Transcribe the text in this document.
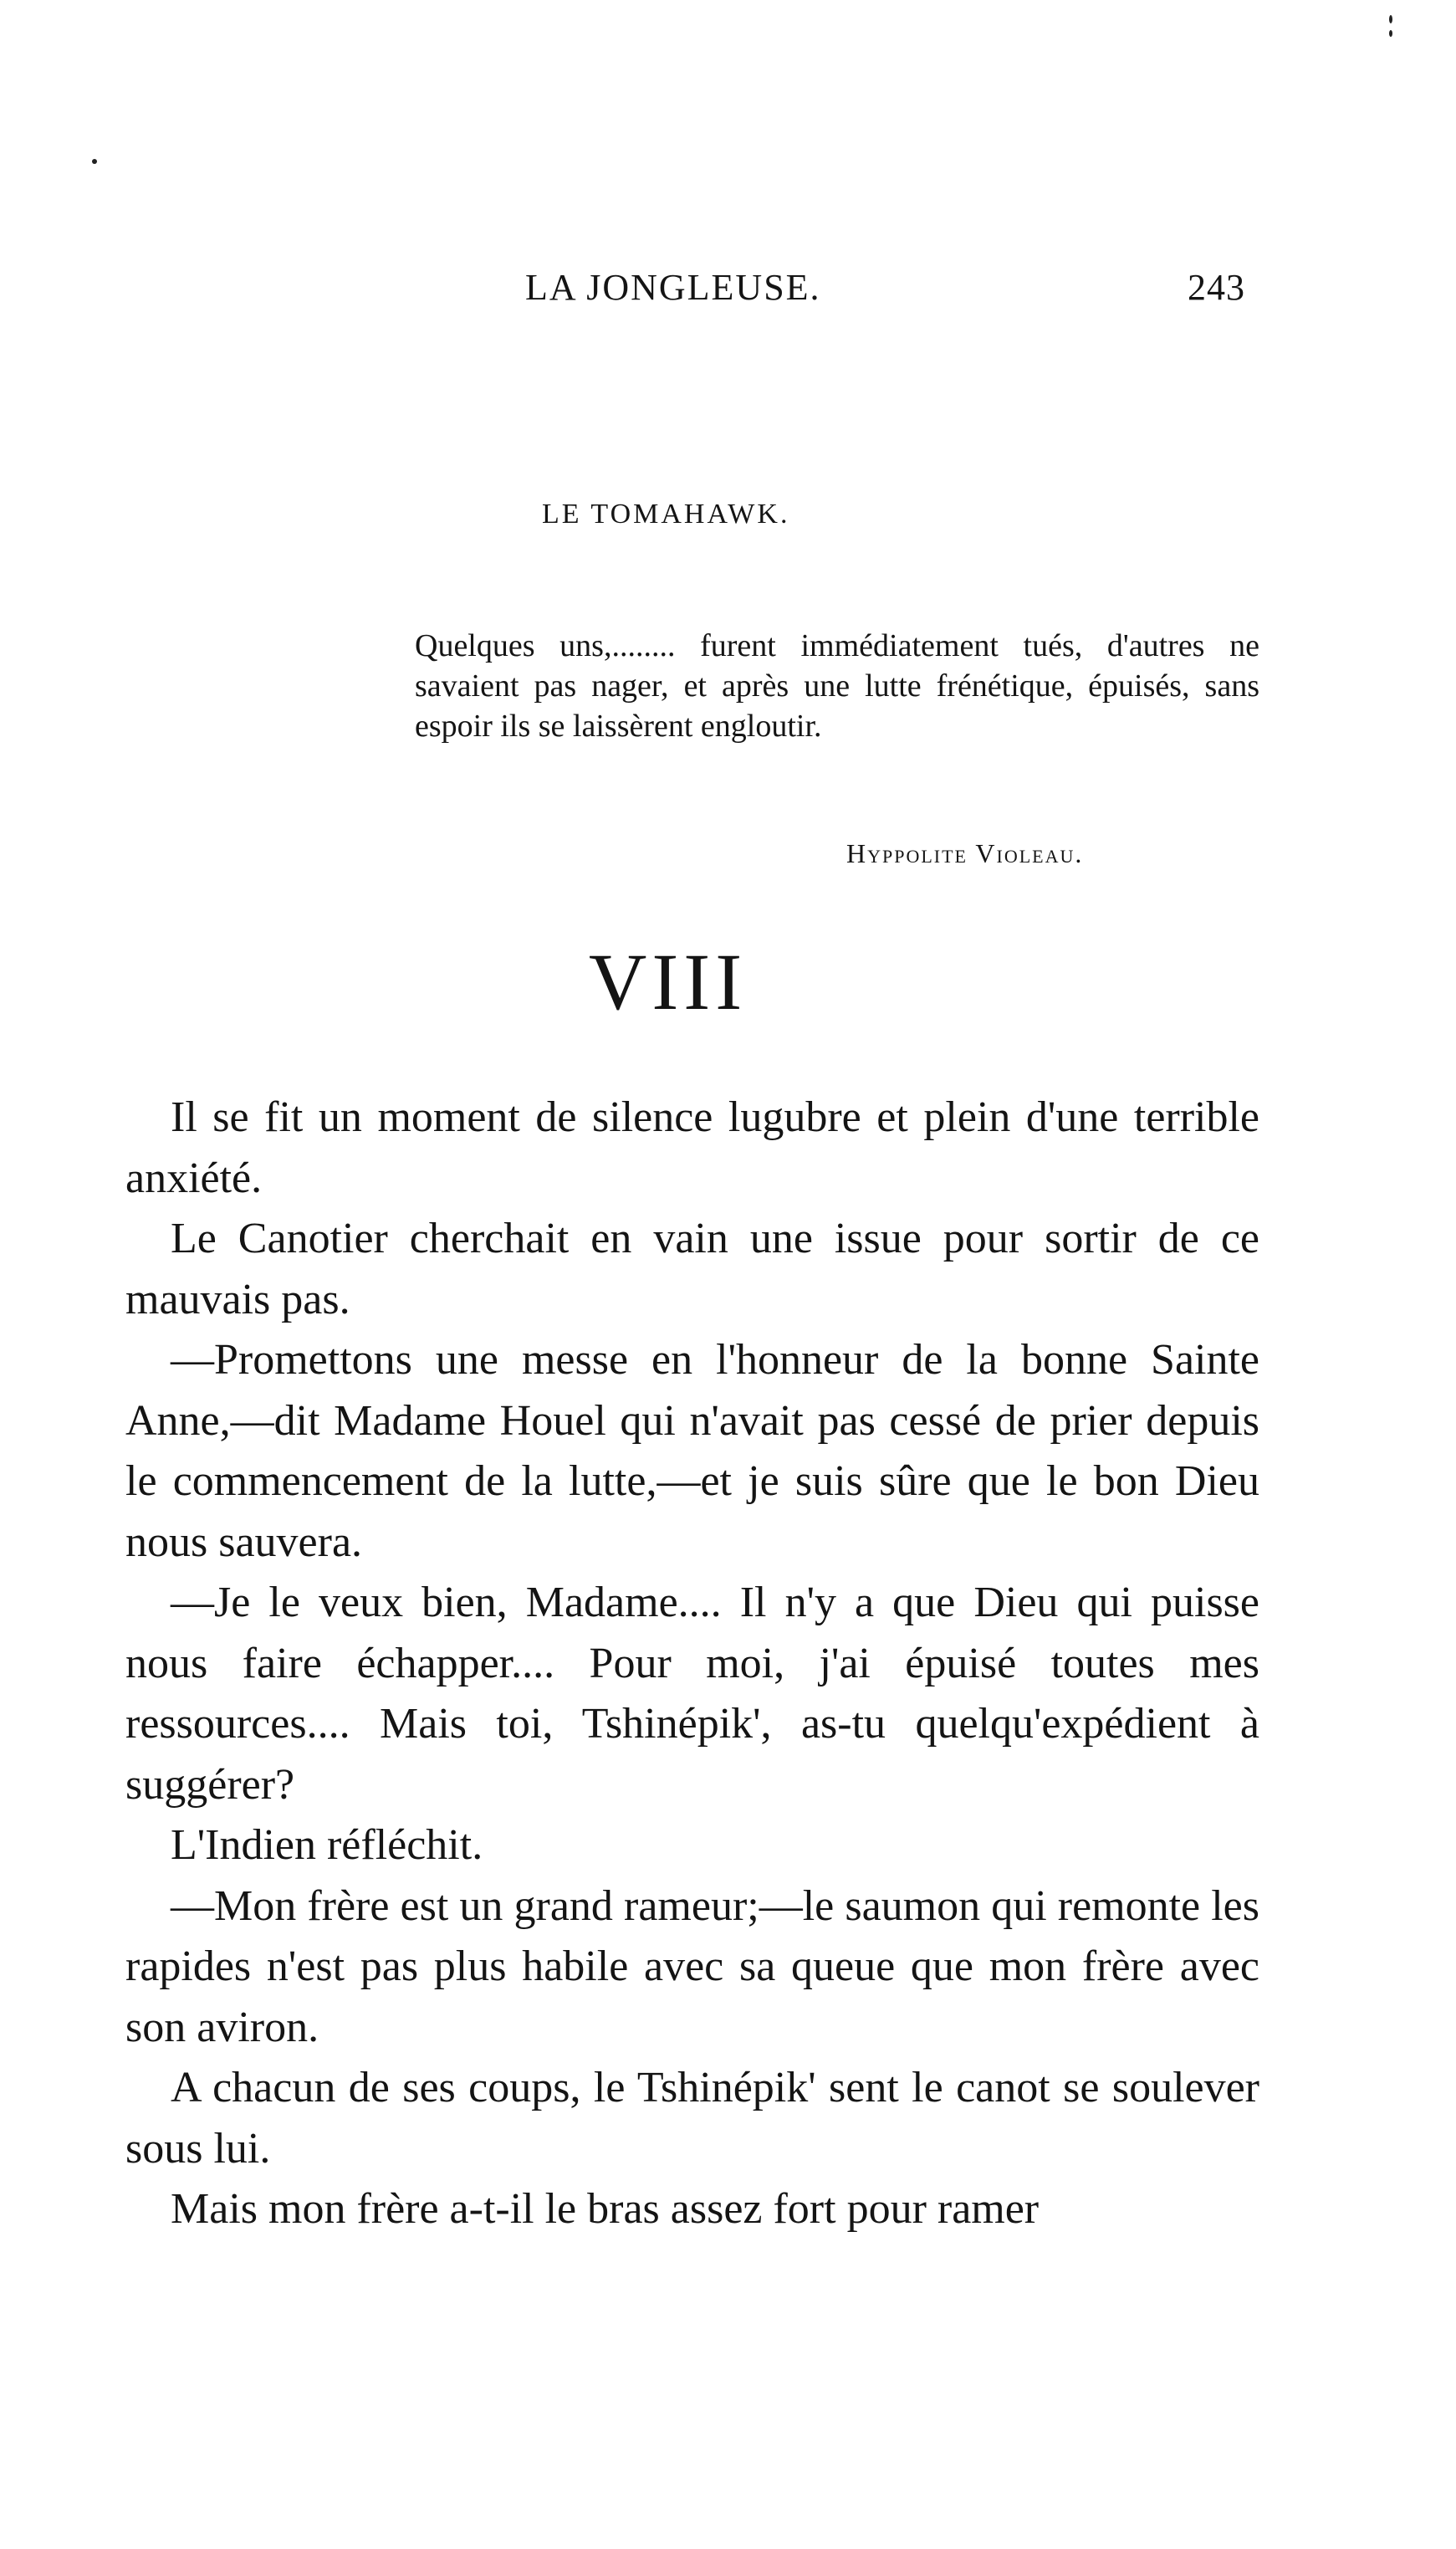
LA JONGLEUSE.	243
LE TOMAHAWK.
Quelques uns,........ furent immédiatement tués, d'autres ne savaient pas nager, et après une lutte frénétique, épuisés, sans espoir ils se laissèrent engloutir.
Hyppolite Violeau.
VIII

Il se fit un moment de silence lugubre et plein d'une terrible anxiété.

Le Canotier cherchait en vain une issue pour sortir de ce mauvais pas.

—Promettons une messe en l'honneur de la bonne Sainte Anne,—dit Madame Houel qui n'avait pas cessé de prier depuis le commencement de la lutte,—et je suis sûre que le bon Dieu nous sauvera.

—Je le veux bien, Madame.... Il n'y a que Dieu qui puisse nous faire échapper.... Pour moi, j'ai épuisé toutes mes ressources.... Mais toi, Tshinépik', as-tu quelqu'expédient à suggérer?

L'Indien réfléchit.

—Mon frère est un grand rameur;—le saumon qui remonte les rapides n'est pas plus habile avec sa queue que mon frère avec son aviron.

A chacun de ses coups, le Tshinépik' sent le canot se soulever sous lui.

Mais mon frère a-t-il le bras assez fort pour ramer
